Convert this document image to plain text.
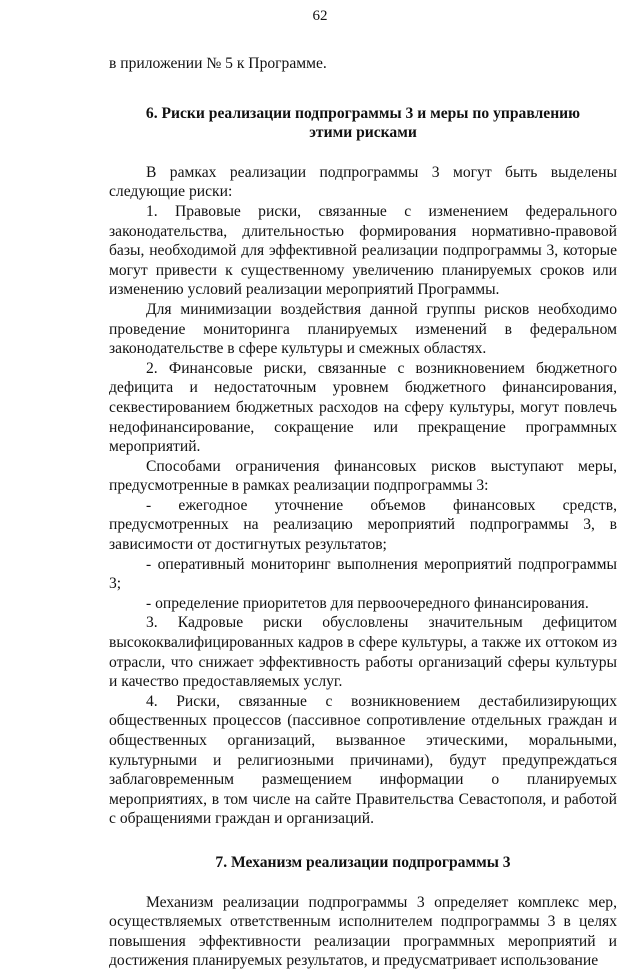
62

в приложении № 5 к Программе.

6. Риски реализации подпрограммы 3 и меры по управлению этими рисками

В рамках реализации подпрограммы 3 могут быть выделены следующие риски:

1. Правовые риски, связанные с изменением федерального законодательства, длительностью формирования нормативно-правовой базы, необходимой для эффективной реализации подпрограммы 3, которые могут привести к существенному увеличению планируемых сроков или изменению условий реализации мероприятий Программы.

Для минимизации воздействия данной группы рисков необходимо проведение мониторинга планируемых изменений в федеральном законодательстве в сфере культуры и смежных областях.

2. Финансовые риски, связанные с возникновением бюджетного дефицита и недостаточным уровнем бюджетного финансирования, секвестированием бюджетных расходов на сферу культуры, могут повлечь недофинансирование, сокращение или прекращение программных мероприятий.

Способами ограничения финансовых рисков выступают меры, предусмотренные в рамках реализации подпрограммы 3:

- ежегодное уточнение объемов финансовых средств, предусмотренных на реализацию мероприятий подпрограммы 3, в зависимости от достигнутых результатов;

- оперативный мониторинг выполнения мероприятий подпрограммы 3;

- определение приоритетов для первоочередного финансирования.

3. Кадровые риски обусловлены значительным дефицитом высококвалифицированных кадров в сфере культуры, а также их оттоком из отрасли, что снижает эффективность работы организаций сферы культуры и качество предоставляемых услуг.

4. Риски, связанные с возникновением дестабилизирующих общественных процессов (пассивное сопротивление отдельных граждан и общественных организаций, вызванное этическими, моральными, культурными и религиозными причинами), будут предупреждаться заблаговременным размещением информации о планируемых мероприятиях, в том числе на сайте Правительства Севастополя, и работой с обращениями граждан и организаций.

7. Механизм реализации подпрограммы 3

Механизм реализации подпрограммы 3 определяет комплекс мер, осуществляемых ответственным исполнителем подпрограммы 3 в целях повышения эффективности реализации программных мероприятий и достижения планируемых результатов, и предусматривает использование
